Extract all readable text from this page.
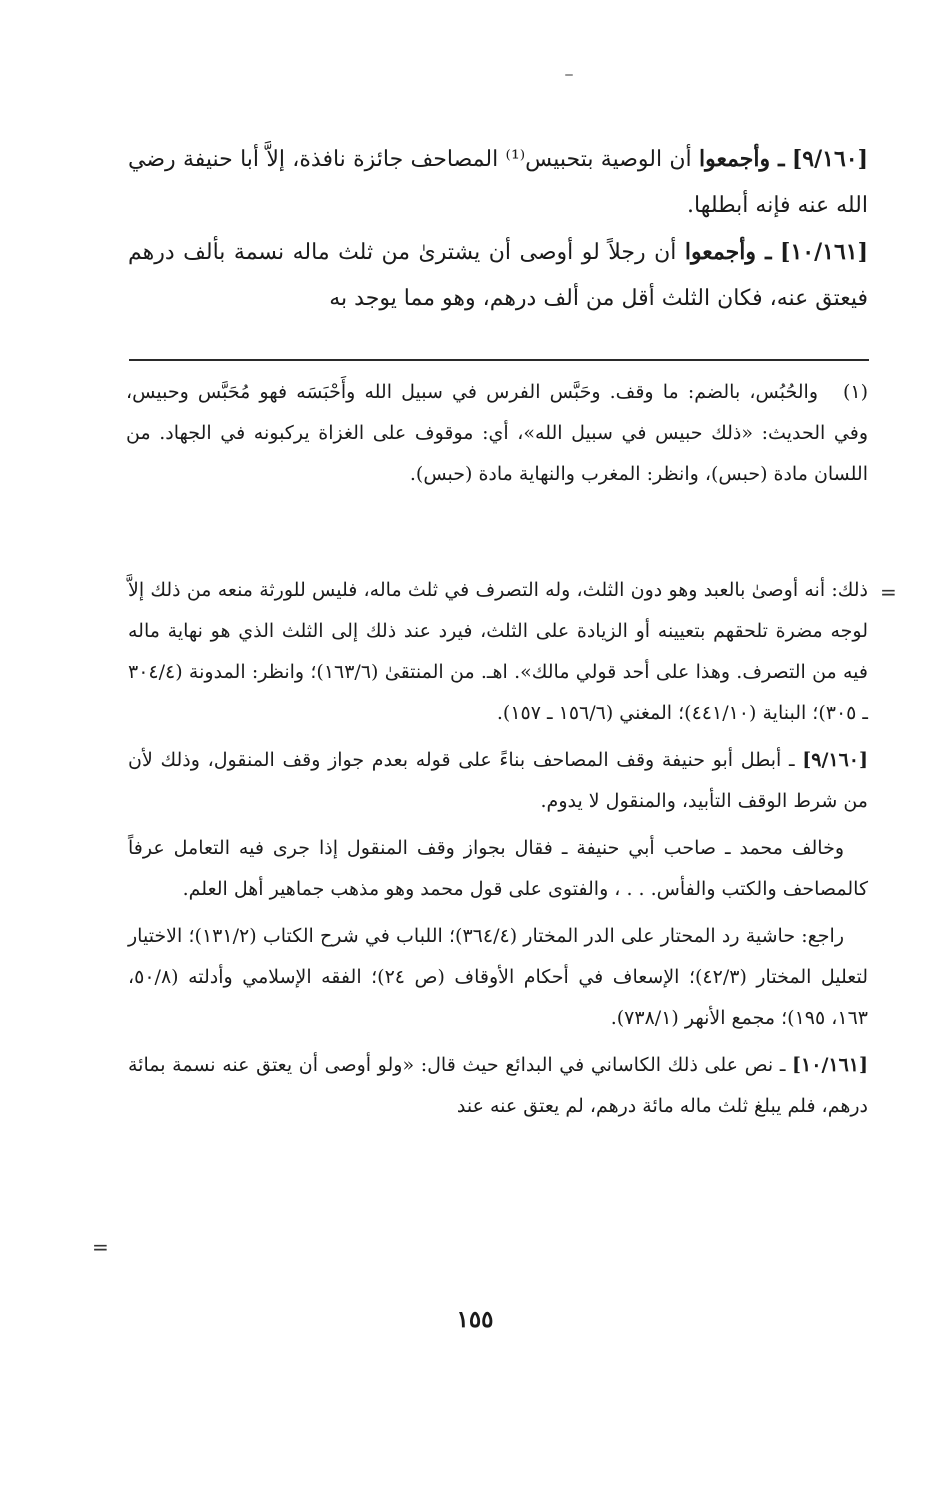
[٩/١٦٠] ـ وأجمعوا أن الوصية بتحبيس⁽¹⁾ المصاحف جائزة نافذة، إلاَّ أبا حنيفة رضي الله عنه فإنه أبطلها.

[١٠/١٦١] ـ وأجمعوا أن رجلاً لو أوصى أن يشترىٰ من ثلث ماله نسمة بألف درهم فيعتق عنه، فكان الثلث أقل من ألف درهم، وهو مما يوجد به

(١)والحُبُس، بالضم: ما وقف. وحَبَّس الفرس في سبيل الله وأَحْبَسَه فهو مُحَبَّس وحبيس، وفي الحديث: «ذلك حبيس في سبيل الله»، أي: موقوف على الغزاة يركبونه في الجهاد. من اللسان مادة (حبس)، وانظر: المغرب والنهاية مادة (حبس).

=

ذلك: أنه أوصىٰ بالعبد وهو دون الثلث، وله التصرف في ثلث ماله، فليس للورثة منعه من ذلك إلاَّ لوجه مضرة تلحقهم بتعيينه أو الزيادة على الثلث، فيرد عند ذلك إلى الثلث الذي هو نهاية ماله فيه من التصرف. وهذا على أحد قولي مالك». اهـ. من المنتقىٰ (١٦٣/٦)؛ وانظر: المدونة (٣٠٤/٤ ـ ٣٠٥)؛ البناية (٤٤١/١٠)؛ المغني (١٥٦/٦ ـ ١٥٧).

[٩/١٦٠] ـ أبطل أبو حنيفة وقف المصاحف بناءً على قوله بعدم جواز وقف المنقول، وذلك لأن من شرط الوقف التأبيد، والمنقول لا يدوم.

وخالف محمد ـ صاحب أبي حنيفة ـ فقال بجواز وقف المنقول إذا جرى فيه التعامل عرفاً كالمصاحف والكتب والفأس. . . ، والفتوى على قول محمد وهو مذهب جماهير أهل العلم.

راجع: حاشية رد المحتار على الدر المختار (٣٦٤/٤)؛ اللباب في شرح الكتاب (١٣١/٢)؛ الاختيار لتعليل المختار (٤٢/٣)؛ الإسعاف في أحكام الأوقاف (ص ٢٤)؛ الفقه الإسلامي وأدلته (٥٠/٨، ١٦٣، ١٩٥)؛ مجمع الأنهر (٧٣٨/١).

[١٠/١٦١] ـ نص على ذلك الكاساني في البدائع حيث قال: «ولو أوصى أن يعتق عنه نسمة بمائة درهم، فلم يبلغ ثلث ماله مائة درهم، لم يعتق عنه عند

=
١٥٥
